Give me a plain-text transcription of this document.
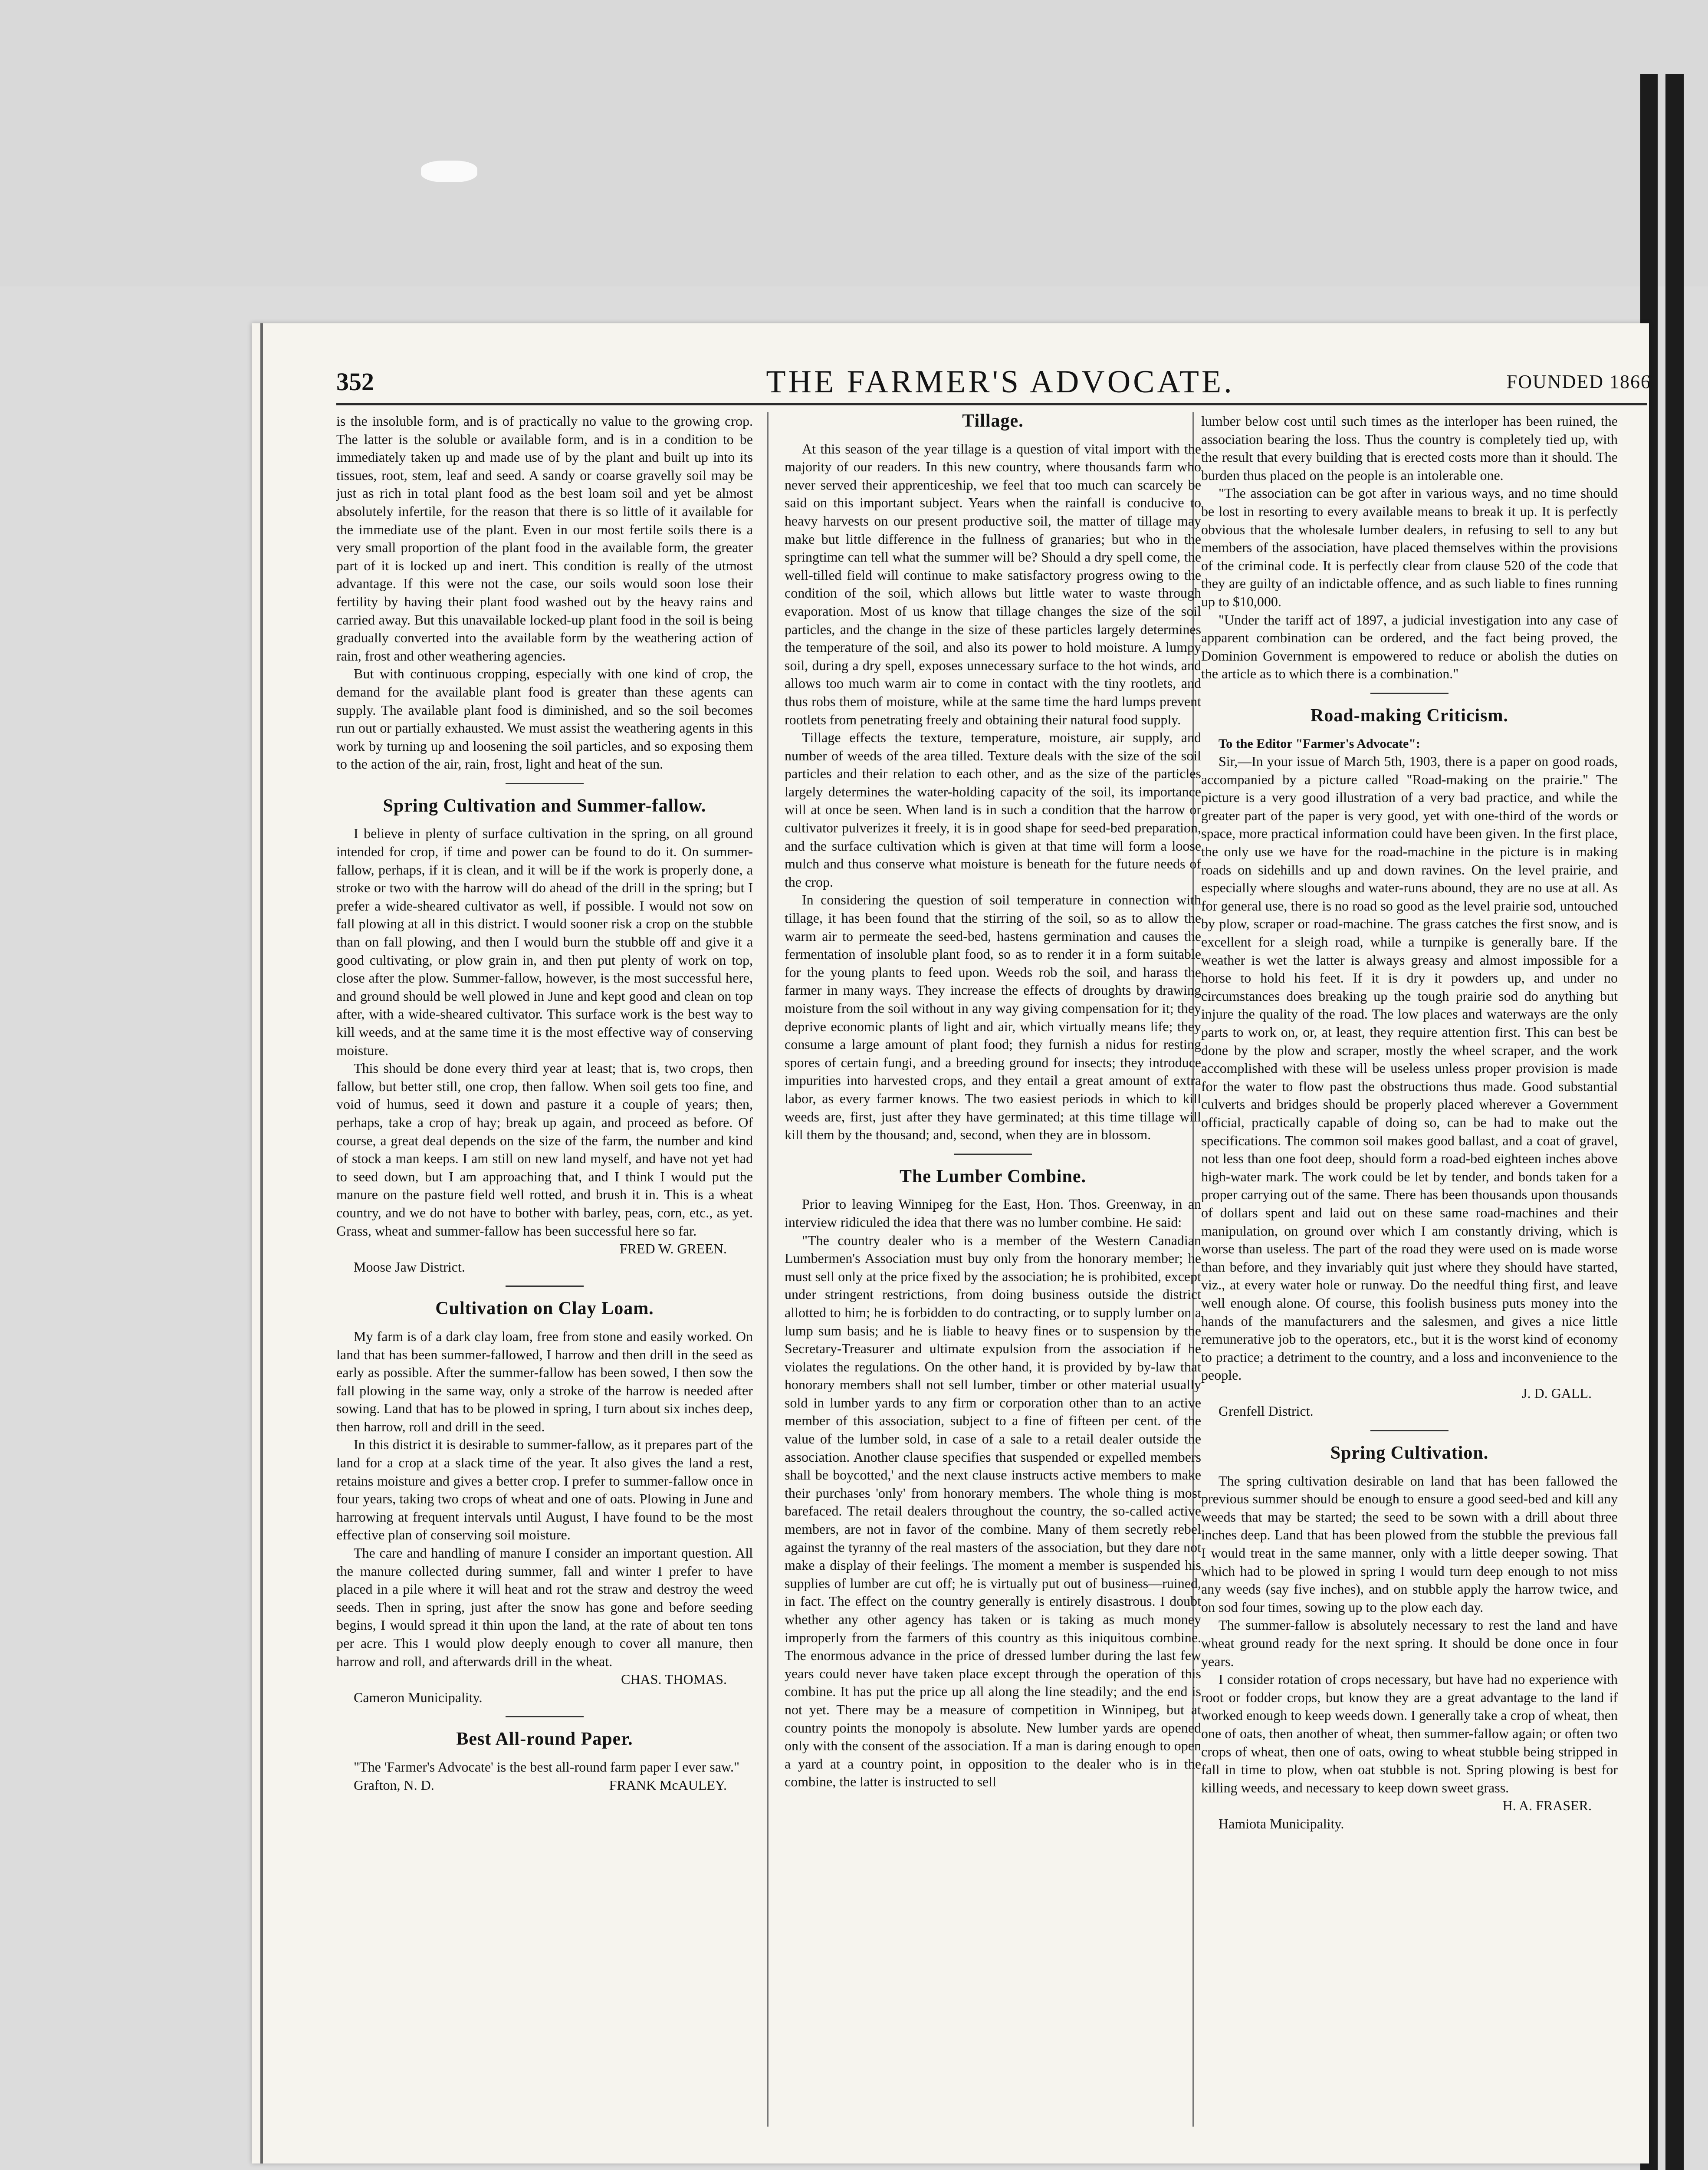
352	THE FARMER'S ADVOCATE.	FOUNDED 1866

is the insoluble form, and is of practically no value to the growing crop. The latter is the soluble or available form, and is in a condition to be immediately taken up and made use of by the plant and built up into its tissues, root, stem, leaf and seed. A sandy or coarse gravelly soil may be just as rich in total plant food as the best loam soil and yet be almost absolutely infertile, for the reason that there is so little of it available for the immediate use of the plant. Even in our most fertile soils there is a very small proportion of the plant food in the available form, the greater part of it is locked up and inert. This condition is really of the utmost advantage. If this were not the case, our soils would soon lose their fertility by having their plant food washed out by the heavy rains and carried away. But this unavailable locked-up plant food in the soil is being gradually converted into the available form by the weathering action of rain, frost and other weathering agencies.

But with continuous cropping, especially with one kind of crop, the demand for the available plant food is greater than these agents can supply. The available plant food is diminished, and so the soil becomes run out or partially exhausted. We must assist the weathering agents in this work by turning up and loosening the soil particles, and so exposing them to the action of the air, rain, frost, light and heat of the sun.

Spring Cultivation and Summer-fallow.

I believe in plenty of surface cultivation in the spring, on all ground intended for crop, if time and power can be found to do it. On summer-fallow, perhaps, if it is clean, and it will be if the work is properly done, a stroke or two with the harrow will do ahead of the drill in the spring; but I prefer a wide-sheared cultivator as well, if possible. I would not sow on fall plowing at all in this district. I would sooner risk a crop on the stubble than on fall plowing, and then I would burn the stubble off and give it a good cultivating, or plow grain in, and then put plenty of work on top, close after the plow. Summer-fallow, however, is the most successful here, and ground should be well plowed in June and kept good and clean on top after, with a wide-sheared cultivator. This surface work is the best way to kill weeds, and at the same time it is the most effective way of conserving moisture.

This should be done every third year at least; that is, two crops, then fallow, but better still, one crop, then fallow. When soil gets too fine, and void of humus, seed it down and pasture it a couple of years; then, perhaps, take a crop of hay; break up again, and proceed as before. Of course, a great deal depends on the size of the farm, the number and kind of stock a man keeps. I am still on new land myself, and have not yet had to seed down, but I am approaching that, and I think I would put the manure on the pasture field well rotted, and brush it in. This is a wheat country, and we do not have to bother with barley, peas, corn, etc., as yet. Grass, wheat and summer-fallow has been successful here so far.

FRED W. GREEN.

Moose Jaw District.

Cultivation on Clay Loam.

My farm is of a dark clay loam, free from stone and easily worked. On land that has been summer-fallowed, I harrow and then drill in the seed as early as possible. After the summer-fallow has been sowed, I then sow the fall plowing in the same way, only a stroke of the harrow is needed after sowing. Land that has to be plowed in spring, I turn about six inches deep, then harrow, roll and drill in the seed.

In this district it is desirable to summer-fallow, as it prepares part of the land for a crop at a slack time of the year. It also gives the land a rest, retains moisture and gives a better crop. I prefer to summer-fallow once in four years, taking two crops of wheat and one of oats. Plowing in June and harrowing at frequent intervals until August, I have found to be the most effective plan of conserving soil moisture.

The care and handling of manure I consider an important question. All the manure collected during summer, fall and winter I prefer to have placed in a pile where it will heat and rot the straw and destroy the weed seeds. Then in spring, just after the snow has gone and before seeding begins, I would spread it thin upon the land, at the rate of about ten tons per acre. This I would plow deeply enough to cover all manure, then harrow and roll, and afterwards drill in the wheat.

CHAS. THOMAS.

Cameron Municipality.

Best All-round Paper.

"The 'Farmer's Advocate' is the best all-round farm paper I ever saw."

Grafton, N. D.	FRANK McAULEY.
Tillage.

At this season of the year tillage is a question of vital import with the majority of our readers. In this new country, where thousands farm who never served their apprenticeship, we feel that too much can scarcely be said on this important subject. Years when the rainfall is conducive to heavy harvests on our present productive soil, the matter of tillage may make but little difference in the fullness of granaries; but who in the springtime can tell what the summer will be? Should a dry spell come, the well-tilled field will continue to make satisfactory progress owing to the condition of the soil, which allows but little water to waste through evaporation. Most of us know that tillage changes the size of the soil particles, and the change in the size of these particles largely determines the temperature of the soil, and also its power to hold moisture. A lumpy soil, during a dry spell, exposes unnecessary surface to the hot winds, and allows too much warm air to come in contact with the tiny rootlets, and thus robs them of moisture, while at the same time the hard lumps prevent rootlets from penetrating freely and obtaining their natural food supply.

Tillage effects the texture, temperature, moisture, air supply, and number of weeds of the area tilled. Texture deals with the size of the soil particles and their relation to each other, and as the size of the particles largely determines the water-holding capacity of the soil, its importance will at once be seen. When land is in such a condition that the harrow or cultivator pulverizes it freely, it is in good shape for seed-bed preparation, and the surface cultivation which is given at that time will form a loose mulch and thus conserve what moisture is beneath for the future needs of the crop.

In considering the question of soil temperature in connection with tillage, it has been found that the stirring of the soil, so as to allow the warm air to permeate the seed-bed, hastens germination and causes the fermentation of insoluble plant food, so as to render it in a form suitable for the young plants to feed upon. Weeds rob the soil, and harass the farmer in many ways. They increase the effects of droughts by drawing moisture from the soil without in any way giving compensation for it; they deprive economic plants of light and air, which virtually means life; they consume a large amount of plant food; they furnish a nidus for resting spores of certain fungi, and a breeding ground for insects; they introduce impurities into harvested crops, and they entail a great amount of extra labor, as every farmer knows. The two easiest periods in which to kill weeds are, first, just after they have germinated; at this time tillage will kill them by the thousand; and, second, when they are in blossom.

The Lumber Combine.

Prior to leaving Winnipeg for the East, Hon. Thos. Greenway, in an interview ridiculed the idea that there was no lumber combine. He said:

"The country dealer who is a member of the Western Canadian Lumbermen's Association must buy only from the honorary member; he must sell only at the price fixed by the association; he is prohibited, except under stringent restrictions, from doing business outside the district allotted to him; he is forbidden to do contracting, or to supply lumber on a lump sum basis; and he is liable to heavy fines or to suspension by the Secretary-Treasurer and ultimate expulsion from the association if he violates the regulations. On the other hand, it is provided by by-law that honorary members shall not sell lumber, timber or other material usually sold in lumber yards to any firm or corporation other than to an active member of this association, subject to a fine of fifteen per cent. of the value of the lumber sold, in case of a sale to a retail dealer outside the association. Another clause specifies that suspended or expelled members shall be boycotted,' and the next clause instructs active members to make their purchases 'only' from honorary members. The whole thing is most barefaced. The retail dealers throughout the country, the so-called active members, are not in favor of the combine. Many of them secretly rebel against the tyranny of the real masters of the association, but they dare not make a display of their feelings. The moment a member is suspended his supplies of lumber are cut off; he is virtually put out of business—ruined, in fact. The effect on the country generally is entirely disastrous. I doubt whether any other agency has taken or is taking as much money improperly from the farmers of this country as this iniquitous combine. The enormous advance in the price of dressed lumber during the last few years could never have taken place except through the operation of this combine. It has put the price up all along the line steadily; and the end is not yet. There may be a measure of competition in Winnipeg, but at country points the monopoly is absolute. New lumber yards are opened only with the consent of the association. If a man is daring enough to open a yard at a country point, in opposition to the dealer who is in the combine, the latter is instructed to sell

lumber below cost until such times as the interloper has been ruined, the association bearing the loss. Thus the country is completely tied up, with the result that every building that is erected costs more than it should. The burden thus placed on the people is an intolerable one.

"The association can be got after in various ways, and no time should be lost in resorting to every available means to break it up. It is perfectly obvious that the wholesale lumber dealers, in refusing to sell to any but members of the association, have placed themselves within the provisions of the criminal code. It is perfectly clear from clause 520 of the code that they are guilty of an indictable offence, and as such liable to fines running up to $10,000.

"Under the tariff act of 1897, a judicial investigation into any case of apparent combination can be ordered, and the fact being proved, the Dominion Government is empowered to reduce or abolish the duties on the article as to which there is a combination."

Road-making Criticism.

To the Editor "Farmer's Advocate":

Sir,—In your issue of March 5th, 1903, there is a paper on good roads, accompanied by a picture called "Road-making on the prairie." The picture is a very good illustration of a very bad practice, and while the greater part of the paper is very good, yet with one-third of the words or space, more practical information could have been given. In the first place, the only use we have for the road-machine in the picture is in making roads on sidehills and up and down ravines. On the level prairie, and especially where sloughs and water-runs abound, they are no use at all. As for general use, there is no road so good as the level prairie sod, untouched by plow, scraper or road-machine. The grass catches the first snow, and is excellent for a sleigh road, while a turnpike is generally bare. If the weather is wet the latter is always greasy and almost impossible for a horse to hold his feet. If it is dry it powders up, and under no circumstances does breaking up the tough prairie sod do anything but injure the quality of the road. The low places and waterways are the only parts to work on, or, at least, they require attention first. This can best be done by the plow and scraper, mostly the wheel scraper, and the work accomplished with these will be useless unless proper provision is made for the water to flow past the obstructions thus made. Good substantial culverts and bridges should be properly placed wherever a Government official, practically capable of doing so, can be had to make out the specifications. The common soil makes good ballast, and a coat of gravel, not less than one foot deep, should form a road-bed eighteen inches above high-water mark. The work could be let by tender, and bonds taken for a proper carrying out of the same. There has been thousands upon thousands of dollars spent and laid out on these same road-machines and their manipulation, on ground over which I am constantly driving, which is worse than useless. The part of the road they were used on is made worse than before, and they invariably quit just where they should have started, viz., at every water hole or runway. Do the needful thing first, and leave well enough alone. Of course, this foolish business puts money into the hands of the manufacturers and the salesmen, and gives a nice little remunerative job to the operators, etc., but it is the worst kind of economy to practice; a detriment to the country, and a loss and inconvenience to the people.

J. D. GALL.

Grenfell District.

Spring Cultivation.

The spring cultivation desirable on land that has been fallowed the previous summer should be enough to ensure a good seed-bed and kill any weeds that may be started; the seed to be sown with a drill about three inches deep. Land that has been plowed from the stubble the previous fall I would treat in the same manner, only with a little deeper sowing. That which had to be plowed in spring I would turn deep enough to not miss any weeds (say five inches), and on stubble apply the harrow twice, and on sod four times, sowing up to the plow each day.

The summer-fallow is absolutely necessary to rest the land and have wheat ground ready for the next spring. It should be done once in four years.

I consider rotation of crops necessary, but have had no experience with root or fodder crops, but know they are a great advantage to the land if worked enough to keep weeds down. I generally take a crop of wheat, then one of oats, then another of wheat, then summer-fallow again; or often two crops of wheat, then one of oats, owing to wheat stubble being stripped in fall in time to plow, when oat stubble is not. Spring plowing is best for killing weeds, and necessary to keep down sweet grass.

H. A. FRASER.

Hamiota Municipality.
